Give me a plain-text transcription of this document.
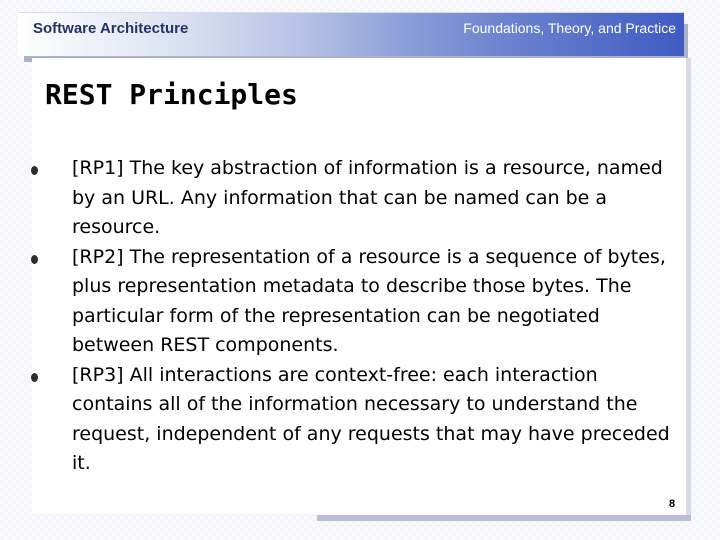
Software Architecture	Foundations, Theory, and Practice
REST Principles
[RP1] The key abstraction of information is a resource, named by an URL. Any information that can be named can be a resource.
[RP2] The representation of a resource is a sequence of bytes, plus representation metadata to describe those bytes. The particular form of the representation can be negotiated between REST components.
[RP3] All interactions are context-free: each interaction contains all of the information necessary to understand the request, independent of any requests that may have preceded it.
8
